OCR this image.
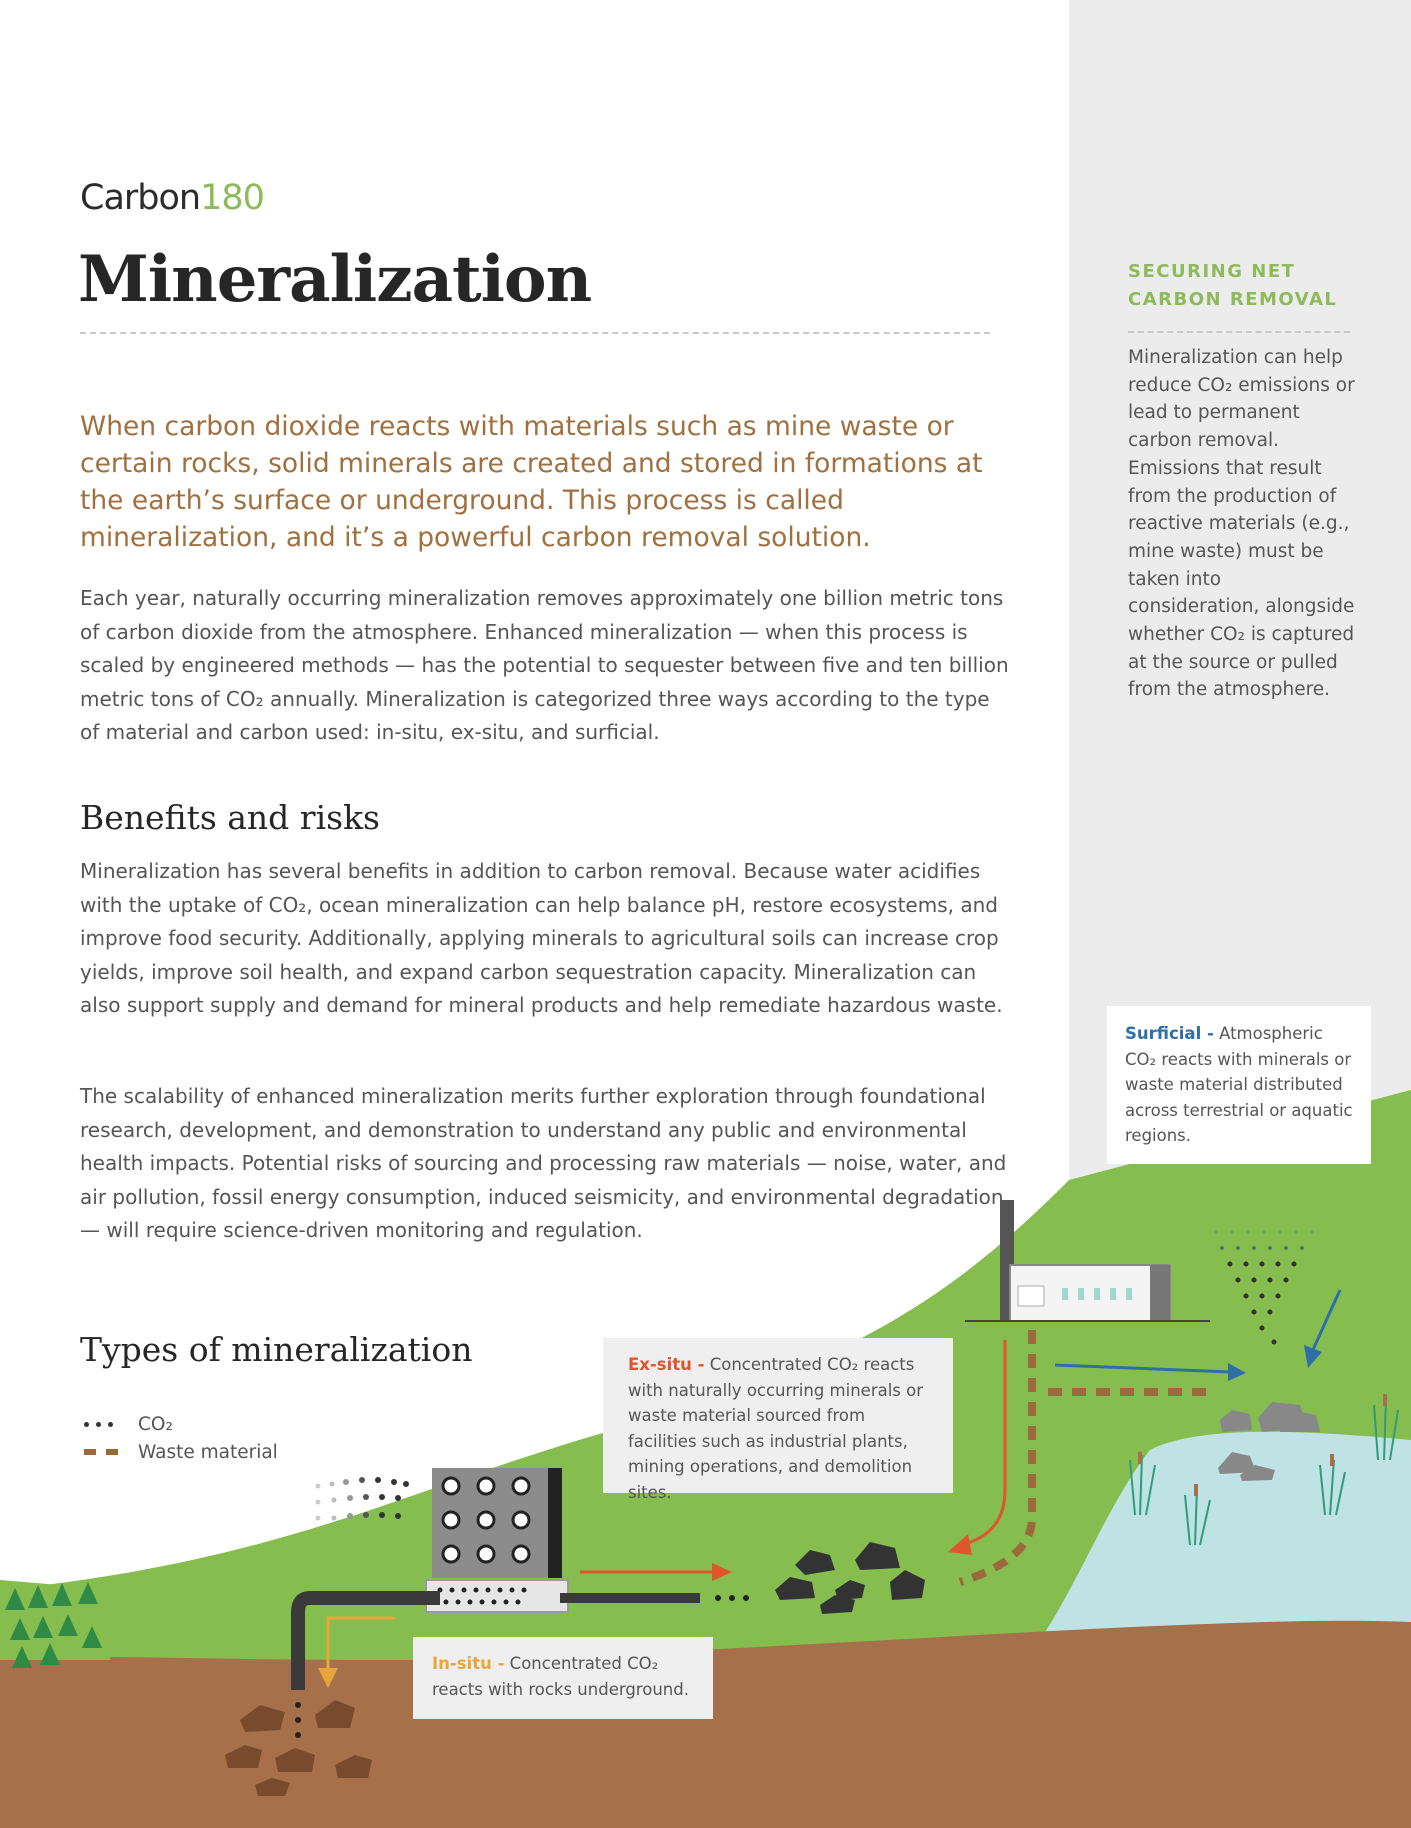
Carbon180
Mineralization
When carbon dioxide reacts with materials such as mine waste or certain rocks, solid minerals are created and stored in formations at the earth’s surface or underground. This process is called mineralization, and it’s a powerful carbon removal solution.
Each year, naturally occurring mineralization removes approximately one billion metric tons of carbon dioxide from the atmosphere. Enhanced mineralization — when this process is scaled by engineered methods — has the potential to sequester between five and ten billion metric tons of CO₂ annually. Mineralization is categorized three ways according to the type of material and carbon used: in-situ, ex-situ, and surficial.
Benefits and risks
Mineralization has several benefits in addition to carbon removal. Because water acidifies with the uptake of CO₂, ocean mineralization can help balance pH, restore ecosystems, and improve food security. Additionally, applying minerals to agricultural soils can increase crop yields, improve soil health, and expand carbon sequestration capacity. Mineralization can also support supply and demand for mineral products and help remediate hazardous waste.
The scalability of enhanced mineralization merits further exploration through foundational research, development, and demonstration to understand any public and environmental health impacts. Potential risks of sourcing and processing raw materials — noise, water, and air pollution, fossil energy consumption, induced seismicity, and environmental degradation — will require science-driven monitoring and regulation.
Types of mineralization
CO₂
Waste material
SECURING NET CARBON REMOVAL
Mineralization can help reduce CO₂ emissions or lead to permanent carbon removal. Emissions that result from the production of reactive materials (e.g., mine waste) must be taken into consideration, alongside whether CO₂ is captured at the source or pulled from the atmosphere.
Surficial - Atmospheric CO₂ reacts with minerals or waste material distributed across terrestrial or aquatic regions.
Ex-situ - Concentrated CO₂ reacts with naturally occurring minerals or waste material sourced from facilities such as industrial plants, mining operations, and demolition sites.
In-situ - Concentrated CO₂ reacts with rocks underground.
